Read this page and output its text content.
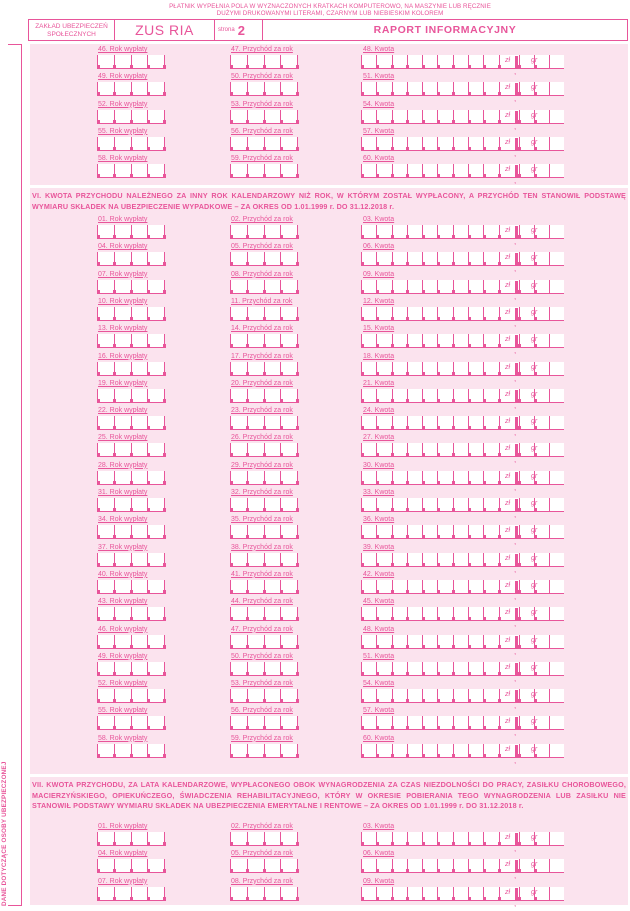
PŁATNIK WYPEŁNIA POLA W WYZNACZONYCH KRATKACH KOMPUTEROWO, NA MASZYNIE LUB RĘCZNIE
DUŻYMI DRUKOWANYMI LITERAMI, CZARNYM LUB NIEBIESKIM KOLOREM
ZAKŁAD UBEZPIECZEŃ
SPOŁECZNYCH	ZUS RIA	strona 2	RAPORT INFORMACYJNY
DANE DOTYCZĄCE OSOBY UBEZPIECZONEJ
46. Rok wypłaty	47. Przychód za rok	48. Kwota
,
zł	gr
49. Rok wypłaty	50. Przychód za rok	51. Kwota
,
zł	gr
52. Rok wypłaty	53. Przychód za rok	54. Kwota
,
zł	gr
55. Rok wypłaty	56. Przychód za rok	57. Kwota
,
zł	gr
58. Rok wypłaty	59. Przychód za rok	60. Kwota
,
zł	gr
VI. KWOTA PRZYCHODU NALEŻNEGO ZA INNY ROK KALENDARZOWY NIŻ ROK, W KTÓRYM ZOSTAŁ WYPŁACONY, A PRZYCHÓD TEN STANOWIŁ PODSTAWĘ WYMIARU SKŁADEK NA UBEZPIECZENIE WYPADKOWE – ZA OKRES OD 1.01.1999 r. DO 31.12.2018 r.
01. Rok wypłaty	02. Przychód za rok	03. Kwota
,
zł	gr
04. Rok wypłaty	05. Przychód za rok	06. Kwota
,
zł	gr
07. Rok wypłaty	08. Przychód za rok	09. Kwota
,
zł	gr
10. Rok wypłaty	11. Przychód za rok	12. Kwota
,
zł	gr
13. Rok wypłaty	14. Przychód za rok	15. Kwota
,
zł	gr
16. Rok wypłaty	17. Przychód za rok	18. Kwota
,
zł	gr
19. Rok wypłaty	20. Przychód za rok	21. Kwota
,
zł	gr
22. Rok wypłaty	23. Przychód za rok	24. Kwota
,
zł	gr
25. Rok wypłaty	26. Przychód za rok	27. Kwota
,
zł	gr
28. Rok wypłaty	29. Przychód za rok	30. Kwota
,
zł	gr
31. Rok wypłaty	32. Przychód za rok	33. Kwota
,
zł	gr
34. Rok wypłaty	35. Przychód za rok	36. Kwota
,
zł	gr
37. Rok wypłaty	38. Przychód za rok	39. Kwota
,
zł	gr
40. Rok wypłaty	41. Przychód za rok	42. Kwota
,
zł	gr
43. Rok wypłaty	44. Przychód za rok	45. Kwota
,
zł	gr
46. Rok wypłaty	47. Przychód za rok	48. Kwota
,
zł	gr
49. Rok wypłaty	50. Przychód za rok	51. Kwota
,
zł	gr
52. Rok wypłaty	53. Przychód za rok	54. Kwota
,
zł	gr
55. Rok wypłaty	56. Przychód za rok	57. Kwota
,
zł	gr
58. Rok wypłaty	59. Przychód za rok	60. Kwota
,
zł	gr
VII. KWOTA PRZYCHODU, ZA LATA KALENDARZOWE, WYPŁACONEGO OBOK WYNAGRODZENIA ZA CZAS NIEZDOLNOŚCI DO PRACY, ZASIŁKU CHOROBOWEGO, MACIERZYŃSKIEGO, OPIEKUŃCZEGO, ŚWIADCZENIA REHABILITACYJNEGO, KTÓRY W OKRESIE POBIERANIA TEGO WYNAGRODZENIA LUB ZASIŁKU NIE STANOWIŁ PODSTAWY WYMIARU SKŁADEK NA UBEZPIECZENIA EMERYTALNE I RENTOWE – ZA OKRES OD 1.01.1999 r. DO 31.12.2018 r.
01. Rok wypłaty	02. Przychód za rok	03. Kwota
,
zł	gr
04. Rok wypłaty	05. Przychód za rok	06. Kwota
,
zł	gr
07. Rok wypłaty	08. Przychód za rok	09. Kwota
,
zł	gr
